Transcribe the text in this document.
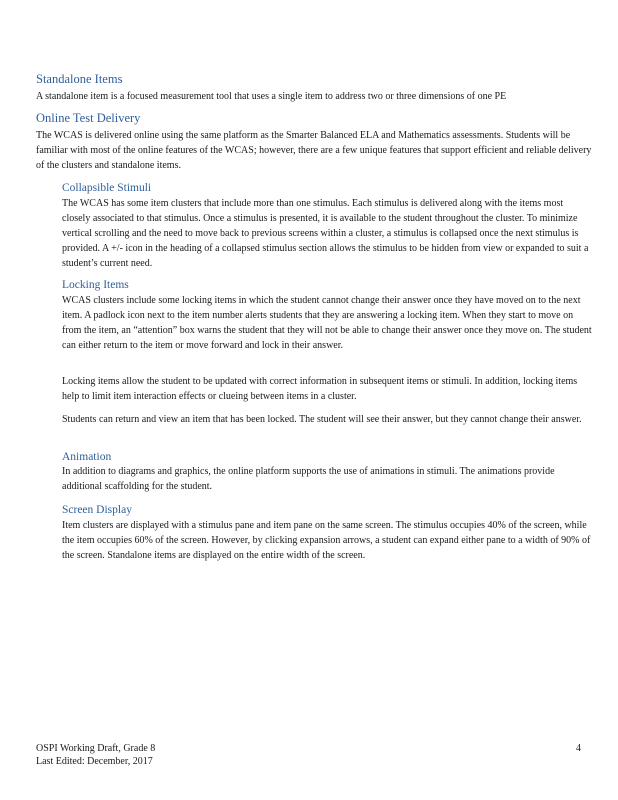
Standalone Items

A standalone item is a focused measurement tool that uses a single item to address two or three dimensions of one PE

Online Test Delivery

The WCAS is delivered online using the same platform as the Smarter Balanced ELA and Mathematics assessments. Students will be familiar with most of the online features of the WCAS; however, there are a few unique features that support efficient and reliable delivery of the clusters and standalone items.

Collapsible Stimuli

The WCAS has some item clusters that include more than one stimulus. Each stimulus is delivered along with the items most closely associated to that stimulus. Once a stimulus is presented, it is available to the student throughout the cluster. To minimize vertical scrolling and the need to move back to previous screens within a cluster, a stimulus is collapsed once the next stimulus is provided. A +/- icon in the heading of a collapsed stimulus section allows the stimulus to be hidden from view or expanded to suit a student’s current need.

Locking Items

WCAS clusters include some locking items in which the student cannot change their answer once they have moved on to the next item. A padlock icon next to the item number alerts students that they are answering a locking item. When they start to move on from the item, an “attention” box warns the student that they will not be able to change their answer once they move on. The student can either return to the item or move forward and lock in their answer.

Locking items allow the student to be updated with correct information in subsequent items or stimuli. In addition, locking items help to limit item interaction effects or clueing between items in a cluster.

Students can return and view an item that has been locked. The student will see their answer, but they cannot change their answer.

Animation

In addition to diagrams and graphics, the online platform supports the use of animations in stimuli. The animations provide additional scaffolding for the student.

Screen Display

Item clusters are displayed with a stimulus pane and item pane on the same screen. The stimulus occupies 40% of the screen, while the item occupies 60% of the screen. However, by clicking expansion arrows, a student can expand either pane to a width of 90% of the screen. Standalone items are displayed on the entire width of the screen.

OSPI Working Draft, Grade 8
Last Edited: December, 2017
4
